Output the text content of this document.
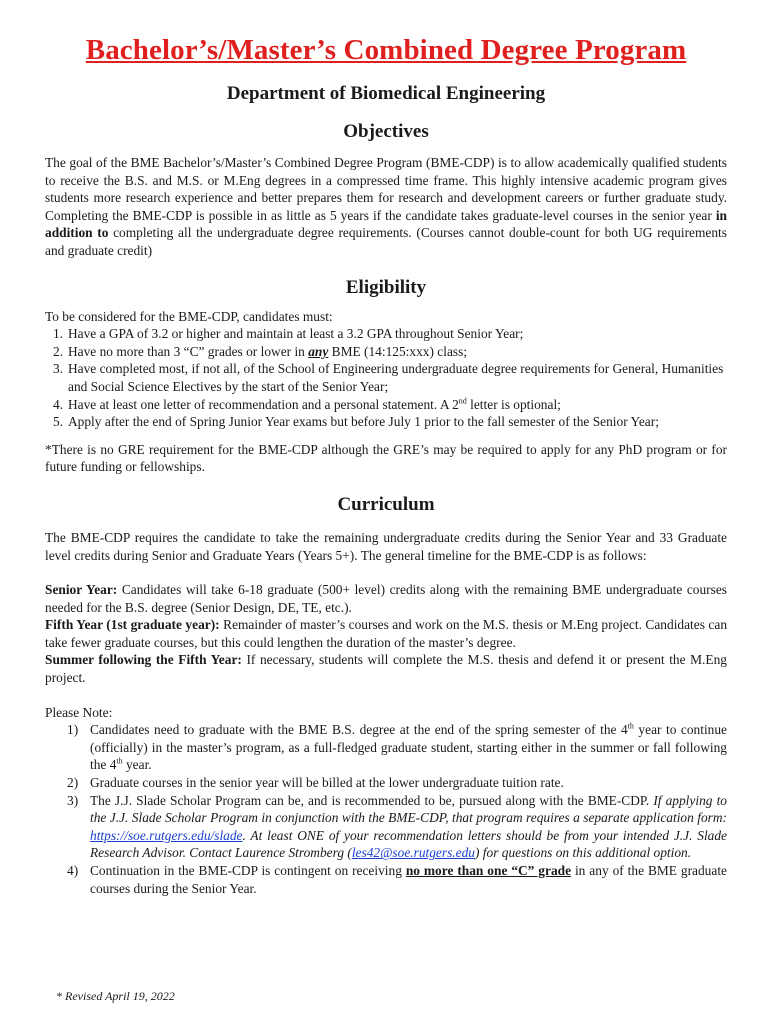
Bachelor’s/Master’s Combined Degree Program
Department of Biomedical Engineering
Objectives

The goal of the BME Bachelor’s/Master’s Combined Degree Program (BME-CDP) is to allow academically qualified students to receive the B.S. and M.S. or M.Eng degrees in a compressed time frame. This highly intensive academic program gives students more research experience and better prepares them for research and development careers or further graduate study. Completing the BME-CDP is possible in as little as 5 years if the candidate takes graduate-level courses in the senior year in addition to completing all the undergraduate degree requirements. (Courses cannot double-count for both UG requirements and graduate credit)

Eligibility

To be considered for the BME-CDP, candidates must:

1. Have a GPA of 3.2 or higher and maintain at least a 3.2 GPA throughout Senior Year;
2. Have no more than 3 “C” grades or lower in any BME (14:125:xxx) class;
3. Have completed most, if not all, of the School of Engineering undergraduate degree requirements for General, Humanities and Social Science Electives by the start of the Senior Year;
4. Have at least one letter of recommendation and a personal statement. A 2nd letter is optional;
5. Apply after the end of Spring Junior Year exams but before July 1 prior to the fall semester of the Senior Year;

*There is no GRE requirement for the BME-CDP although the GRE’s may be required to apply for any PhD program or for future funding or fellowships.

Curriculum

The BME-CDP requires the candidate to take the remaining undergraduate credits during the Senior Year and 33 Graduate level credits during Senior and Graduate Years (Years 5+). The general timeline for the BME-CDP is as follows:

Senior Year: Candidates will take 6-18 graduate (500+ level) credits along with the remaining BME undergraduate courses needed for the B.S. degree (Senior Design, DE, TE, etc.).
Fifth Year (1st graduate year): Remainder of master’s courses and work on the M.S. thesis or M.Eng project. Candidates can take fewer graduate courses, but this could lengthen the duration of the master’s degree.
Summer following the Fifth Year: If necessary, students will complete the M.S. thesis and defend it or present the M.Eng project.
Please Note:
1) Candidates need to graduate with the BME B.S. degree at the end of the spring semester of the 4th year to continue (officially) in the master’s program, as a full-fledged graduate student, starting either in the summer or fall following the 4th year.
2) Graduate courses in the senior year will be billed at the lower undergraduate tuition rate.
3) The J.J. Slade Scholar Program can be, and is recommended to be, pursued along with the BME-CDP. If applying to the J.J. Slade Scholar Program in conjunction with the BME-CDP, that program requires a separate application form: https://soe.rutgers.edu/slade. At least ONE of your recommendation letters should be from your intended J.J. Slade Research Advisor. Contact Laurence Stromberg (les42@soe.rutgers.edu) for questions on this additional option.
4) Continuation in the BME-CDP is contingent on receiving no more than one “C” grade in any of the BME graduate courses during the Senior Year.
* Revised April 19, 2022
